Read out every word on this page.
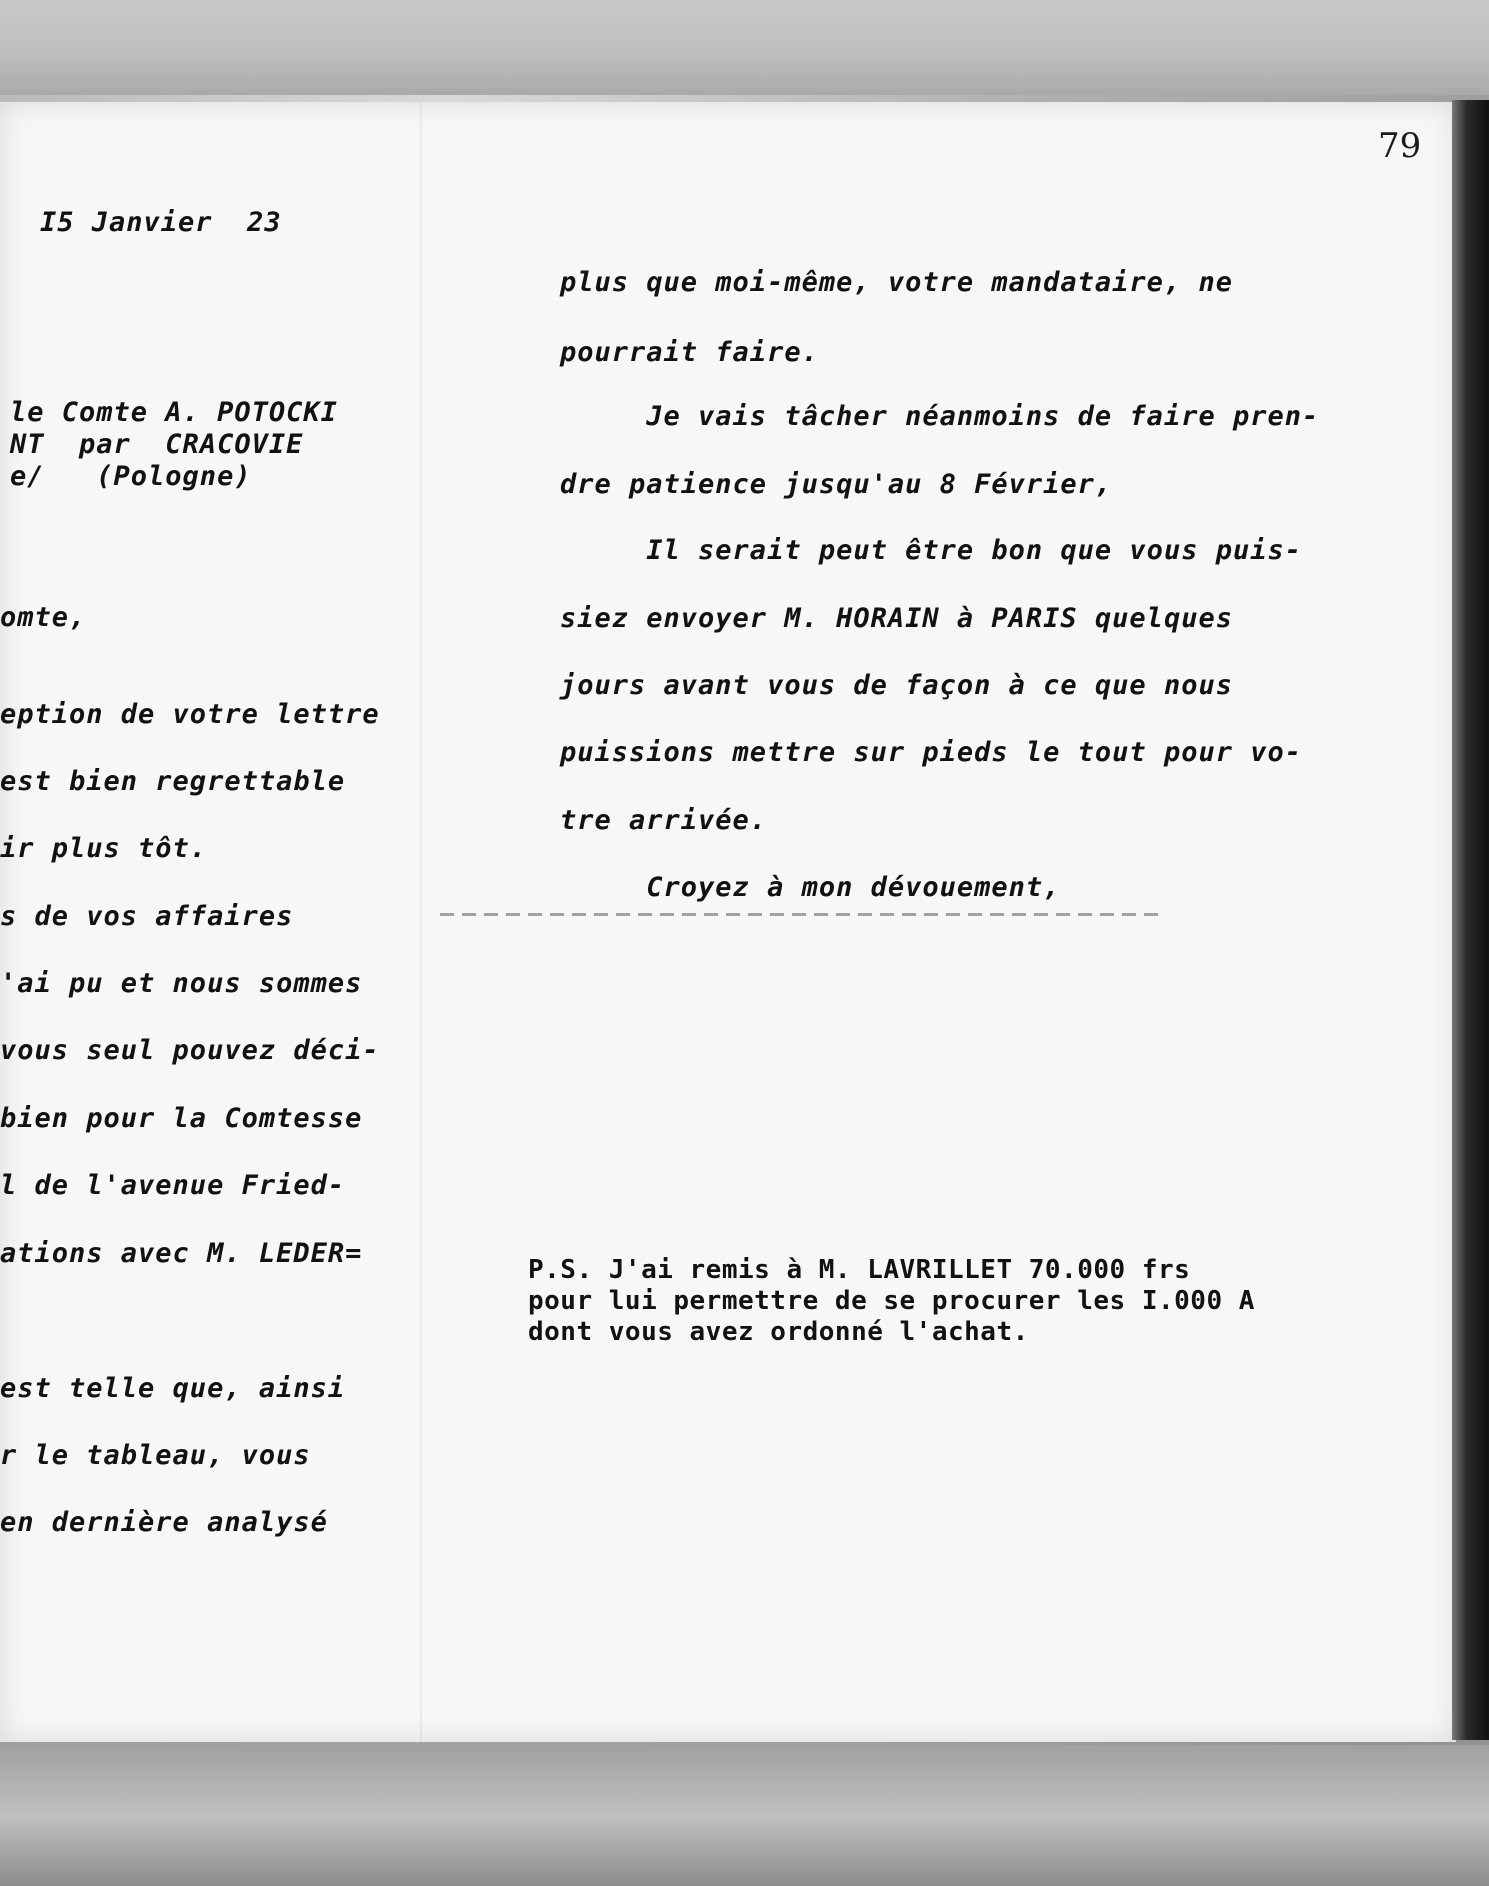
79

I5 Janvier  23

le Comte A. POTOCKI

NT  par  CRACOVIE

e/   (Pologne)

omte,

eption de votre lettre

est bien regrettable

ir plus tôt.

s de vos affaires

'ai pu et nous sommes

vous seul pouvez déci-

bien pour la Comtesse

l de l'avenue Fried-

ations avec M. LEDER=

est telle que, ainsi

r le tableau, vous

en dernière analysé

plus que moi-même, votre mandataire, ne

pourrait faire.

Je vais tâcher néanmoins de faire pren-

dre patience jusqu'au 8 Février,

Il serait peut être bon que vous puis-

siez envoyer M. HORAIN à PARIS quelques

jours avant vous de façon à ce que nous

puissions mettre sur pieds le tout pour vo-

tre arrivée.

Croyez à mon dévouement,

P.S. J'ai remis à M. LAVRILLET 70.000 frs

pour lui permettre de se procurer les I.000 A

dont vous avez ordonné l'achat.
